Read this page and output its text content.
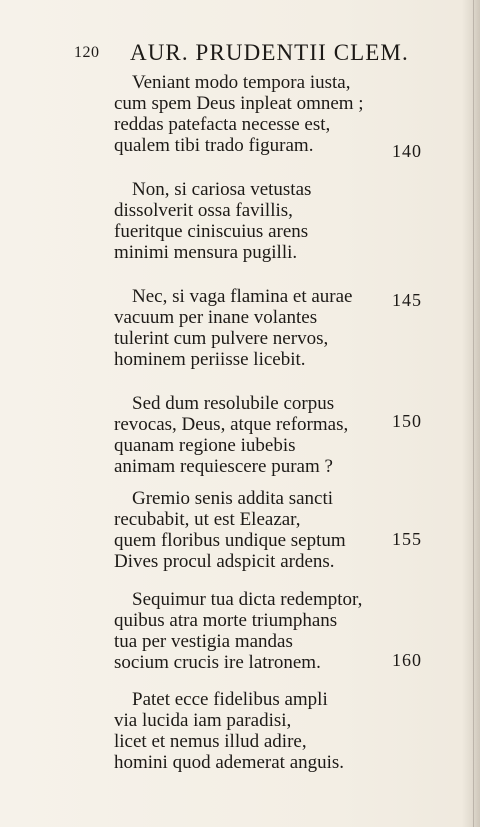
120 AUR. PRUDENTII CLEM.
Veniant modo tempora iusta,
cum spem Deus inpleat omnem ;
reddas patefacta necesse est,
qualem tibi trado figuram.
Non, si cariosa vetustas
dissolverit ossa favillis,
fueritque ciniscuius arens
minimi mensura pugilli.
Nec, si vaga flamina et aurae
vacuum per inane volantes
tulerint cum pulvere nervos,
hominem periisse licebit.
Sed dum resolubile corpus
revocas, Deus, atque reformas,
quanam regione iubebis
animam requiescere puram ?
Gremio senis addita sancti
recubabit, ut est Eleazar,
quem floribus undique septum
Dives procul adspicit ardens.
Sequimur tua dicta redemptor,
quibus atra morte triumphans
tua per vestigia mandas
socium crucis ire latronem.
Patet ecce fidelibus ampli
via lucida iam paradisi,
licet et nemus illud adire,
homini quod ademerat anguis.
140
145
150
155
160
